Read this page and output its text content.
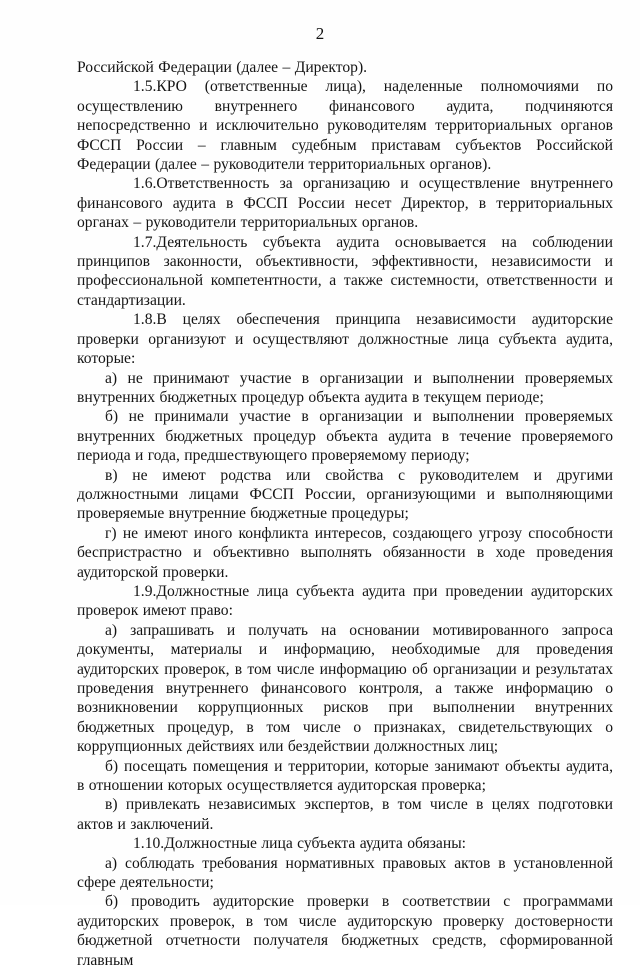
2

Российской Федерации (далее – Директор).

1.5.КРО (ответственные лица), наделенные полномочиями по осуществлению внутреннего финансового аудита, подчиняются непосредственно и исключительно руководителям территориальных органов ФССП России – главным судебным приставам субъектов Российской Федерации (далее – руководители территориальных органов).

1.6.Ответственность за организацию и осуществление внутреннего финансового аудита в ФССП России несет Директор, в территориальных органах – руководители территориальных органов.

1.7.Деятельность субъекта аудита основывается на соблюдении принципов законности, объективности, эффективности, независимости и профессиональной компетентности, а также системности, ответственности и стандартизации.

1.8.В целях обеспечения принципа независимости аудиторские проверки организуют и осуществляют должностные лица субъекта аудита, которые:

а) не принимают участие в организации и выполнении проверяемых внутренних бюджетных процедур объекта аудита в текущем периоде;

б) не принимали участие в организации и выполнении проверяемых внутренних бюджетных процедур объекта аудита в течение проверяемого периода и года, предшествующего проверяемому периоду;

в) не имеют родства или свойства с руководителем и другими должностными лицами ФССП России, организующими и выполняющими проверяемые внутренние бюджетные процедуры;

г) не имеют иного конфликта интересов, создающего угрозу способности беспристрастно и объективно выполнять обязанности в ходе проведения аудиторской проверки.

1.9.Должностные лица субъекта аудита при проведении аудиторских проверок имеют право:

а) запрашивать и получать на основании мотивированного запроса документы, материалы и информацию, необходимые для проведения аудиторских проверок, в том числе информацию об организации и результатах проведения внутреннего финансового контроля, а также информацию о возникновении коррупционных рисков при выполнении внутренних бюджетных процедур, в том числе о признаках, свидетельствующих о коррупционных действиях или бездействии должностных лиц;

б) посещать помещения и территории, которые занимают объекты аудита, в отношении которых осуществляется аудиторская проверка;

в) привлекать независимых экспертов, в том числе в целях подготовки актов и заключений.

1.10.Должностные лица субъекта аудита обязаны:

а) соблюдать требования нормативных правовых актов в установленной сфере деятельности;

б) проводить аудиторские проверки в соответствии с программами аудиторских проверок, в том числе аудиторскую проверку достоверности бюджетной отчетности получателя бюджетных средств, сформированной главным
